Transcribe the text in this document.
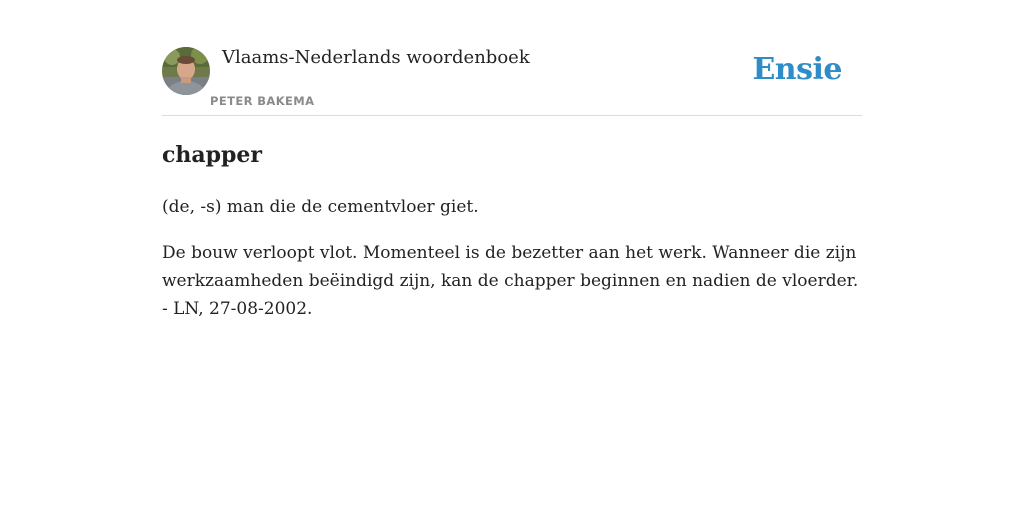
Vlaams-Nederlands woordenboek
PETER BAKEMA
Ensie
chapper

(de, -s) man die de cementvloer giet.

De bouw verloopt vlot. Momenteel is de bezetter aan het werk. Wanneer die zijn werkzaamheden beëindigd zijn, kan de chapper beginnen en nadien de vloerder. - LN, 27-08-2002.
